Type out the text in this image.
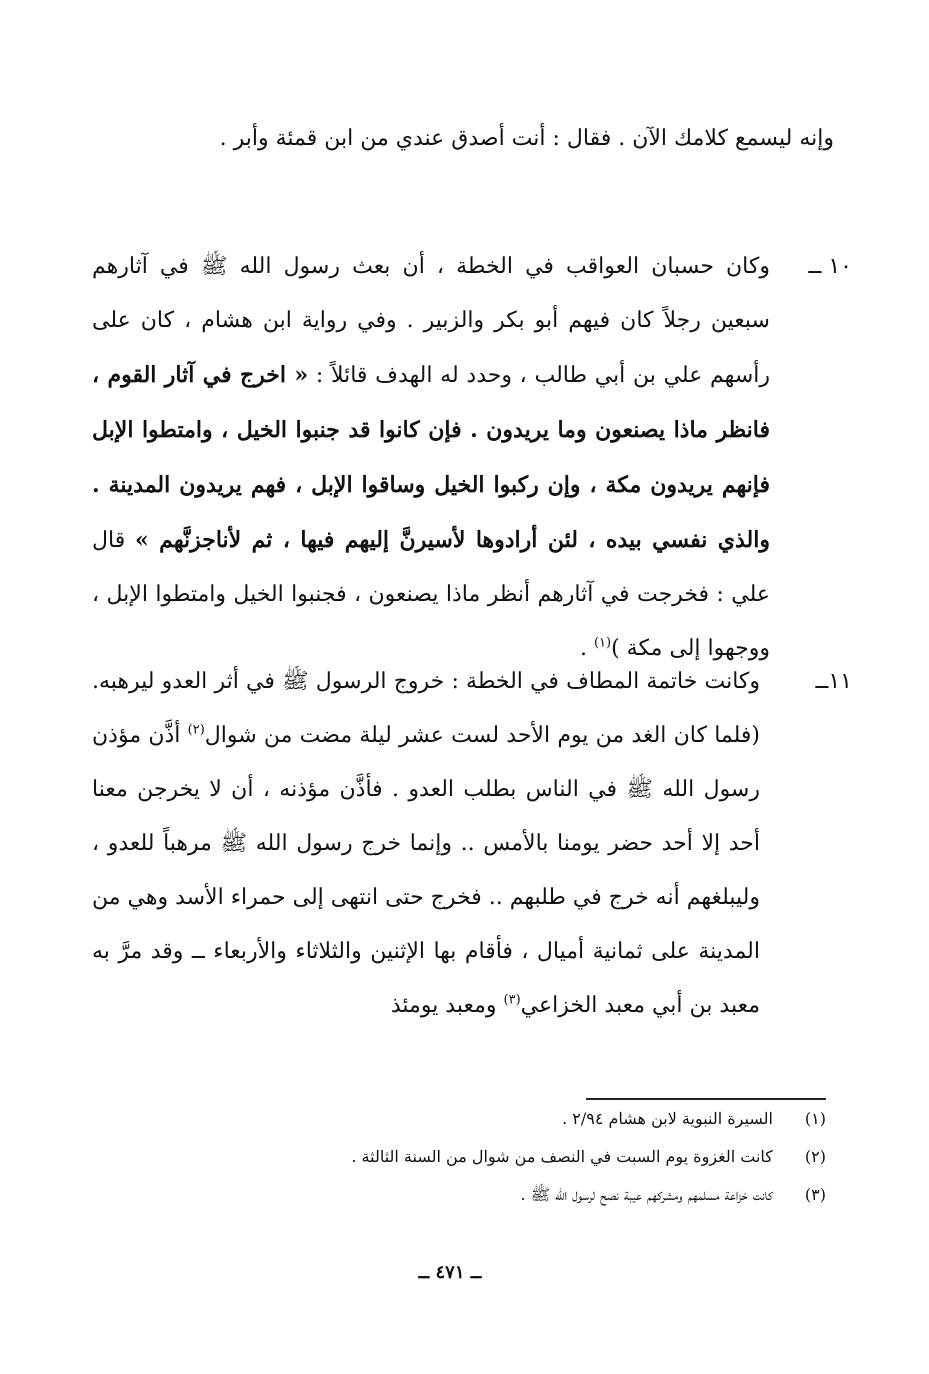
وإنه ليسمع كلامك الآن . فقال : أنت أصدق عندي من ابن قمئة وأبر .

١٠ ــ
وكان حسبان العواقب في الخطة ، أن بعث رسول الله ﷺ في آثارهم سبعين رجلاً كان فيهم أبو بكر والزبير . وفي رواية ابن هشام ، كان على رأسهم علي بن أبي طالب ، وحدد له الهدف قائلاً : « اخرج في آثار القوم ، فانظر ماذا يصنعون وما يريدون . فإن كانوا قد جنبوا الخيل ، وامتطوا الإبل فإنهم يريدون مكة ، وإن ركبوا الخيل وساقوا الإبل ، فهم يريدون المدينة . والذي نفسي بيده ، لئن أرادوها لأسيرنَّ إليهم فيها ، ثم لأناجزنَّهم » قال علي : فخرجت في آثارهم أنظر ماذا يصنعون ، فجنبوا الخيل وامتطوا الإبل ، ووجهوا إلى مكة )$^{(١)}$ .
١١ــ
وكانت خاتمة المطاف في الخطة : خروج الرسول ﷺ في أثر العدو ليرهبه. (فلما كان الغد من يوم الأحد لست عشر ليلة مضت من شوال$^{(٢)}$ أذَّن مؤذن رسول الله ﷺ في الناس بطلب العدو . فأذَّن مؤذنه ، أن لا يخرجن معنا أحد إلا أحد حضر يومنا بالأمس .. وإنما خرج رسول الله ﷺ مرهباً للعدو ، وليبلغهم أنه خرج في طلبهم .. فخرج حتى انتهى إلى حمراء الأسد وهي من المدينة على ثمانية أميال ، فأقام بها الإثنين والثلاثاء والأربعاء ــ وقد مرَّ به معبد بن أبي معبد الخزاعي$^{(٣)}$ ومعبد يومئذ
(١) السيرة النبوية لابن هشام ٢/٩٤ .
(٢) كانت الغزوة يوم السبت في النصف من شوال من السنة الثالثة .
(٣) كانت خزاعة مسلمهم ومشركهم عيبة نصح لرسول الله ﷺ .
ــ ٤٧١ ــ
